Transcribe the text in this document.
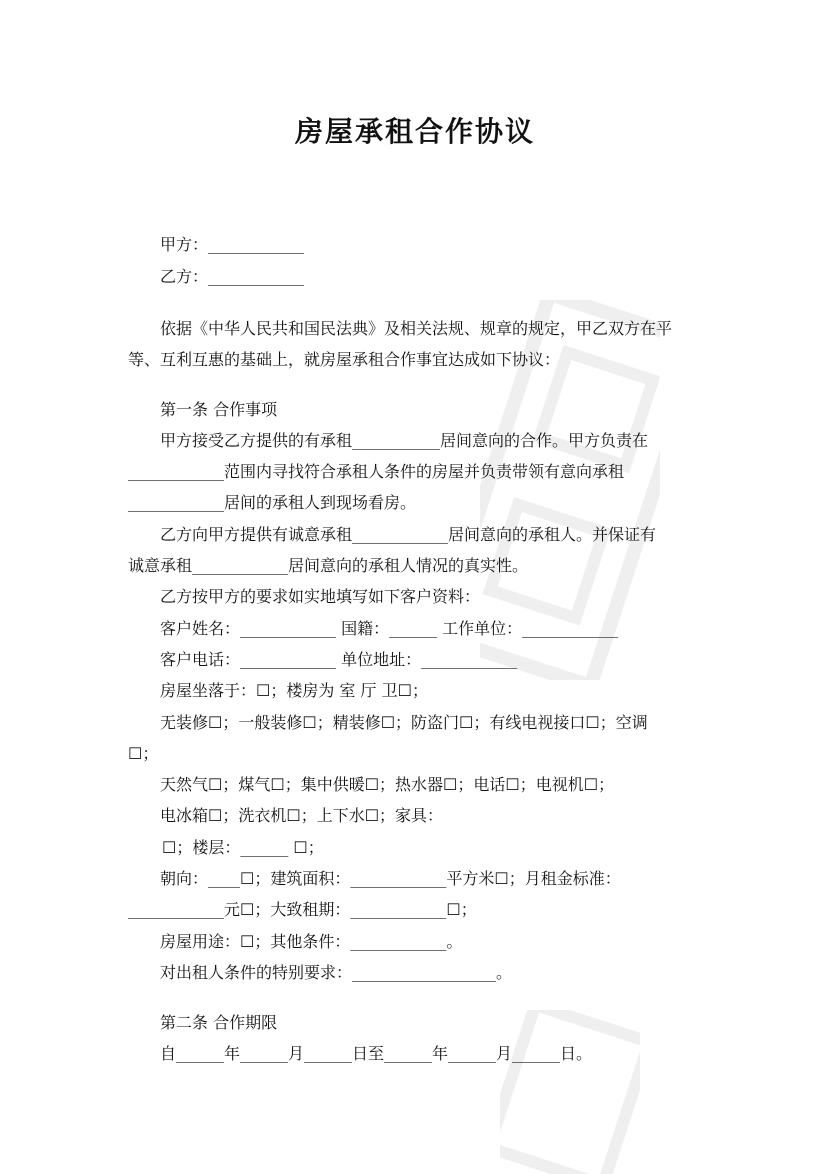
房屋承租合作协议
甲方：____________
乙方：____________
依据《中华人民共和国民法典》及相关法规、规章的规定，甲乙双方在平
等、互利互惠的基础上，就房屋承租合作事宜达成如下协议：
第一条 合作事项
甲方接受乙方提供的有承租___________居间意向的合作。甲方负责在
____________范围内寻找符合承租人条件的房屋并负责带领有意向承租
____________居间的承租人到现场看房。
乙方向甲方提供有诚意承租____________居间意向的承租人。并保证有
诚意承租____________居间意向的承租人情况的真实性。
乙方按甲方的要求如实地填写如下客户资料：
客户姓名：____________ 国籍：______ 工作单位：____________
客户电话：____________ 单位地址：____________
房屋坐落于：☐；楼房为 室 厅 卫☐；
无装修☐；一般装修☐；精装修☐；防盗门☐；有线电视接口☐；空调
☐；
天然气☐；煤气☐；集中供暖☐；热水器☐；电话☐；电视机☐；
电冰箱☐；洗衣机☐；上下水☐；家具：
☐；楼层：______ ☐；
朝向：____☐；建筑面积：____________平方米☐；月租金标准：
____________元☐；大致租期：____________☐；
房屋用途：☐；其他条件：____________。
对出租人条件的特别要求：__________________。
第二条 合作期限
自______年______月______日至______年______月______日。
